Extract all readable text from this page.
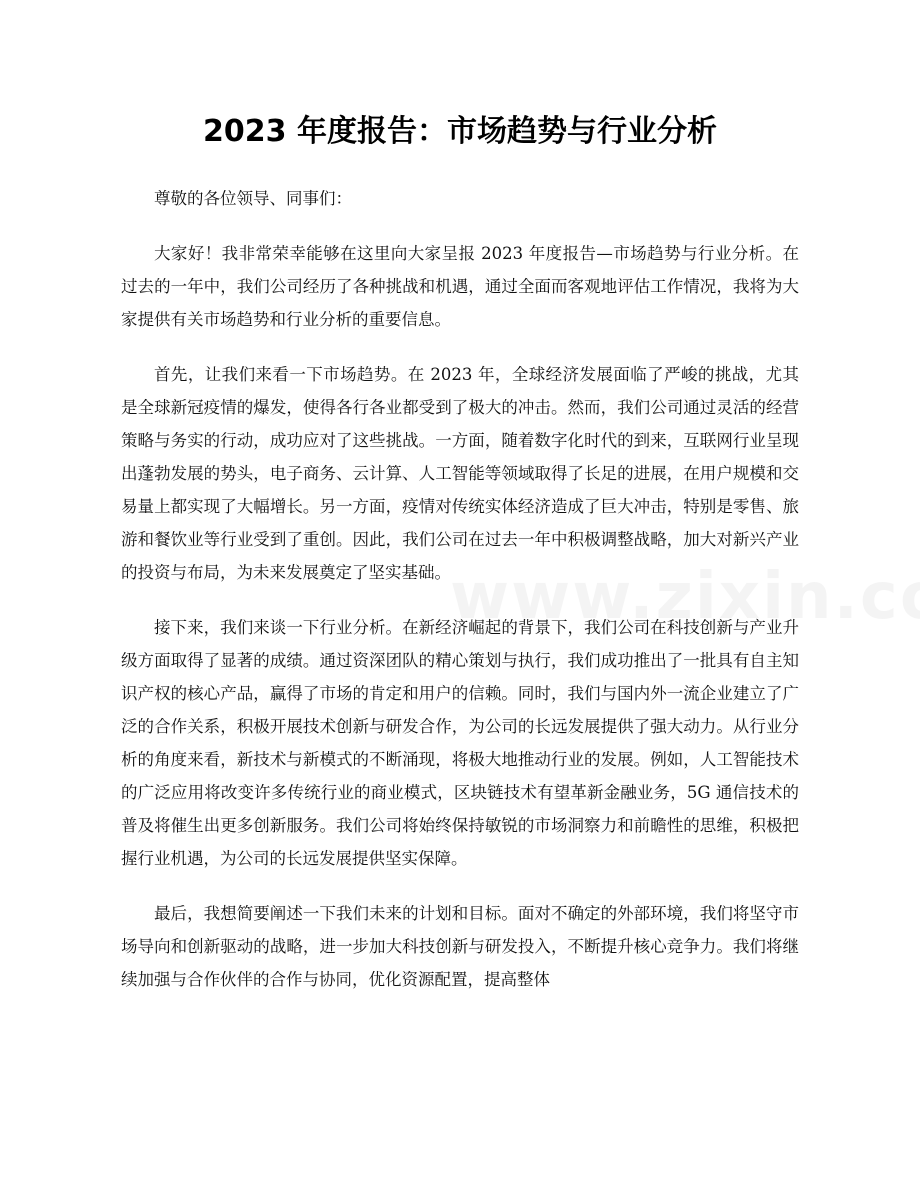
2023 年度报告：市场趋势与行业分析

尊敬的各位领导、同事们：

大家好！我非常荣幸能够在这里向大家呈报 2023 年度报告—市场趋势与行业分析。在过去的一年中，我们公司经历了各种挑战和机遇，通过全面而客观地评估工作情况，我将为大家提供有关市场趋势和行业分析的重要信息。

首先，让我们来看一下市场趋势。在 2023 年，全球经济发展面临了严峻的挑战，尤其是全球新冠疫情的爆发，使得各行各业都受到了极大的冲击。然而，我们公司通过灵活的经营策略与务实的行动，成功应对了这些挑战。一方面，随着数字化时代的到来，互联网行业呈现出蓬勃发展的势头，电子商务、云计算、人工智能等领域取得了长足的进展，在用户规模和交易量上都实现了大幅增长。另一方面，疫情对传统实体经济造成了巨大冲击，特别是零售、旅游和餐饮业等行业受到了重创。因此，我们公司在过去一年中积极调整战略，加大对新兴产业的投资与布局，为未来发展奠定了坚实基础。

接下来，我们来谈一下行业分析。在新经济崛起的背景下，我们公司在科技创新与产业升级方面取得了显著的成绩。通过资深团队的精心策划与执行，我们成功推出了一批具有自主知识产权的核心产品，赢得了市场的肯定和用户的信赖。同时，我们与国内外一流企业建立了广泛的合作关系，积极开展技术创新与研发合作，为公司的长远发展提供了强大动力。从行业分析的角度来看，新技术与新模式的不断涌现，将极大地推动行业的发展。例如，人工智能技术的广泛应用将改变许多传统行业的商业模式，区块链技术有望革新金融业务，5G 通信技术的普及将催生出更多创新服务。我们公司将始终保持敏锐的市场洞察力和前瞻性的思维，积极把握行业机遇，为公司的长远发展提供坚实保障。

最后，我想简要阐述一下我们未来的计划和目标。面对不确定的外部环境，我们将坚守市场导向和创新驱动的战略，进一步加大科技创新与研发投入，不断提升核心竞争力。我们将继续加强与合作伙伴的合作与协同，优化资源配置，提高整体
